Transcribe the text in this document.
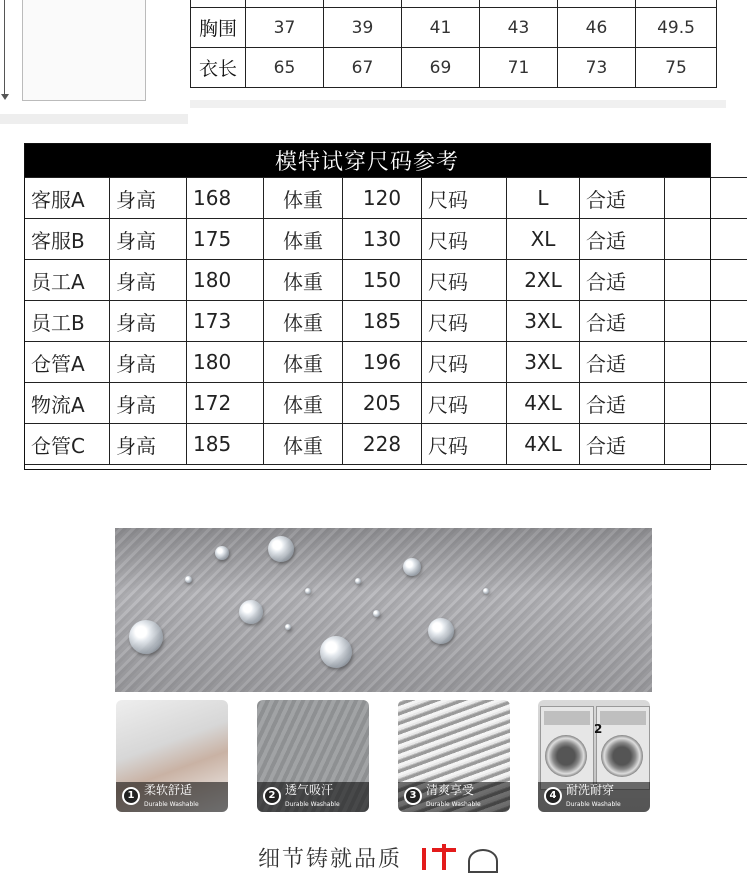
胸围	37	39	41	43	46	49.5
衣长	65	67	69	71	73	75
模特试穿尺码参考
客服A	身高	168	体重	120	尺码	L	合适	
客服B	身高	175	体重	130	尺码	XL	合适	
员工A	身高	180	体重	150	尺码	2XL	合适	
员工B	身高	173	体重	185	尺码	3XL	合适	
仓管A	身高	180	体重	196	尺码	3XL	合适	
物流A	身高	172	体重	205	尺码	4XL	合适	
仓管C	身高	185	体重	228	尺码	4XL	合适	
1 柔软舒适
Durable Washable
2 透气吸汗
Durable Washable
3 清爽享受
Durable Washable
2
4 耐洗耐穿
Durable Washable
细节铸就品质
